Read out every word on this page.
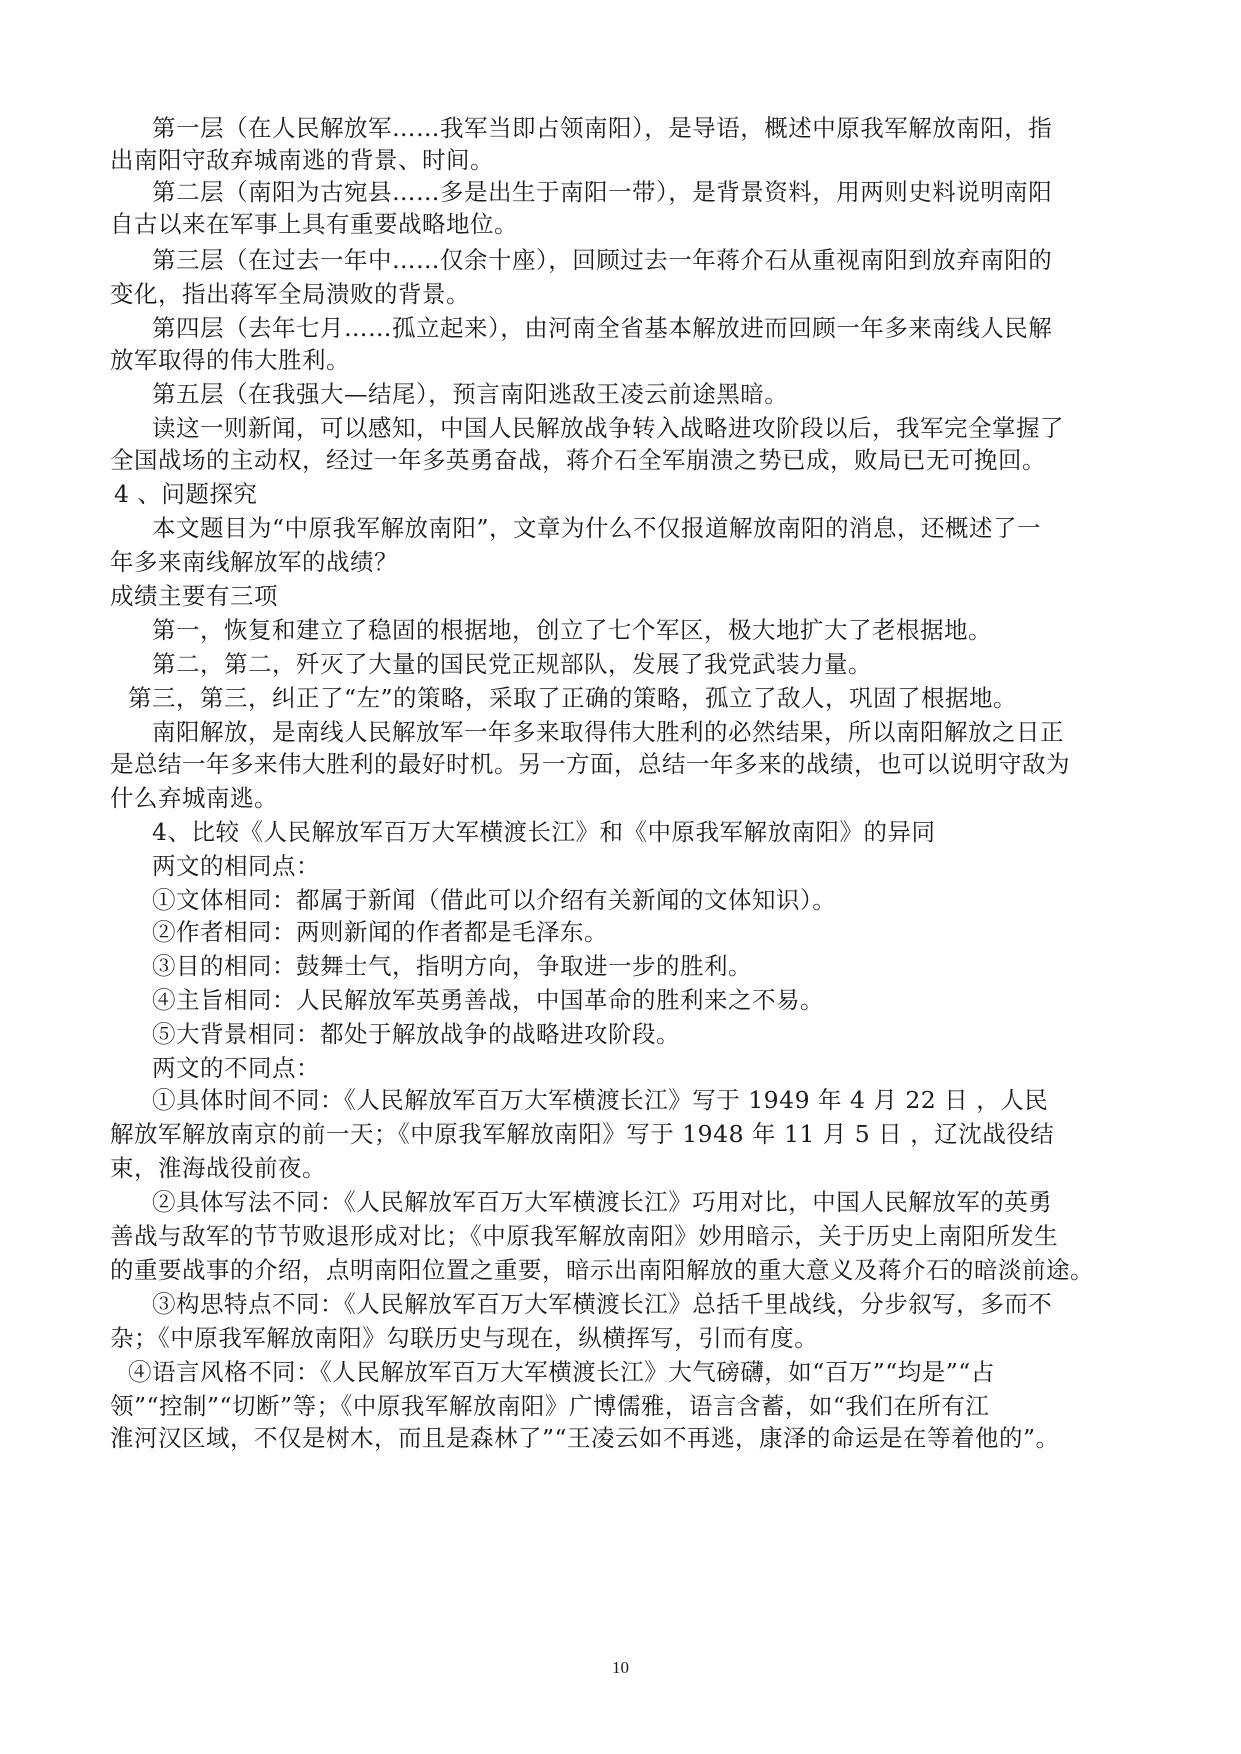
第一层（在人民解放军……我军当即占领南阳），是导语，概述中原我军解放南阳，指
出南阳守敌弃城南逃的背景、时间。
第二层（南阳为古宛县……多是出生于南阳一带），是背景资料，用两则史料说明南阳
自古以来在军事上具有重要战略地位。
第三层（在过去一年中……仅余十座），回顾过去一年蒋介石从重视南阳到放弃南阳的
变化，指出蒋军全局溃败的背景。
第四层（去年七月……孤立起来），由河南全省基本解放进而回顾一年多来南线人民解
放军取得的伟大胜利。
第五层（在我强大—结尾），预言南阳逃敌王凌云前途黑暗。
读这一则新闻，可以感知，中国人民解放战争转入战略进攻阶段以后，我军完全掌握了
全国战场的主动权，经过一年多英勇奋战，蒋介石全军崩溃之势已成，败局已无可挽回。
4 、问题探究
本文题目为“中原我军解放南阳”，文章为什么不仅报道解放南阳的消息，还概述了一
年多来南线解放军的战绩？
成绩主要有三项
第一，恢复和建立了稳固的根据地，创立了七个军区，极大地扩大了老根据地。
第二，第二，歼灭了大量的国民党正规部队，发展了我党武装力量。
第三，第三，纠正了“左”的策略，采取了正确的策略，孤立了敌人，巩固了根据地。
南阳解放，是南线人民解放军一年多来取得伟大胜利的必然结果，所以南阳解放之日正
是总结一年多来伟大胜利的最好时机。另一方面，总结一年多来的战绩，也可以说明守敌为
什么弃城南逃。
4、比较《人民解放军百万大军横渡长江》和《中原我军解放南阳》的异同
两文的相同点：
①文体相同：都属于新闻（借此可以介绍有关新闻的文体知识）。
②作者相同：两则新闻的作者都是毛泽东。
③目的相同：鼓舞士气，指明方向，争取进一步的胜利。
④主旨相同：人民解放军英勇善战，中国革命的胜利来之不易。
⑤大背景相同：都处于解放战争的战略进攻阶段。
两文的不同点：
①具体时间不同：《人民解放军百万大军横渡长江》写于 1949 年 4 月 22 日 ，人民
解放军解放南京的前一天；《中原我军解放南阳》写于 1948 年 11 月 5 日 ，辽沈战役结
束，淮海战役前夜。
②具体写法不同：《人民解放军百万大军横渡长江》巧用对比，中国人民解放军的英勇
善战与敌军的节节败退形成对比；《中原我军解放南阳》妙用暗示，关于历史上南阳所发生
的重要战事的介绍，点明南阳位置之重要，暗示出南阳解放的重大意义及蒋介石的暗淡前途。
③构思特点不同：《人民解放军百万大军横渡长江》总括千里战线，分步叙写，多而不
杂；《中原我军解放南阳》勾联历史与现在，纵横挥写，引而有度。
④语言风格不同：《人民解放军百万大军横渡长江》大气磅礴，如“百万”“均是”“占
领”“控制”“切断”等；《中原我军解放南阳》广博儒雅，语言含蓄，如“我们在所有江
淮河汉区域，不仅是树木，而且是森林了”“王凌云如不再逃，康泽的命运是在等着他的”。
10
